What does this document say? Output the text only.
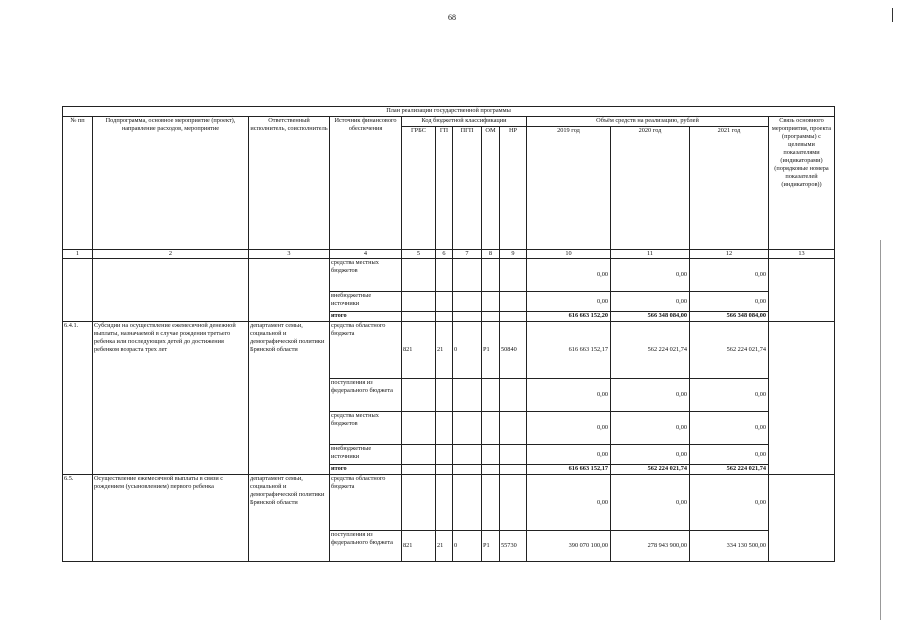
68
План реализации государственной программы												
№ пп	Подпрограмма, основное мероприятие (проект), направление расходов, мероприятие	Ответственный исполнитель, соисполнитель	Источник финансового обеспечения	Код бюджетной классификации					Объём средств на реализацию, рублей			Связь основного мероприятия, проекта (программы) с целевыми показателями (индикаторами) (порядковые номера показателей (индикаторов))
				ГРБС	ГП	ПГП	ОМ	НР	2019 год	2020 год	2021 год	
1	2	3	4	5	6	7	8	9	10	11	12	13
			средства местных бюджетов						0,00	0,00	0,00	
			внебюджетные источники						0,00	0,00	0,00	
			итого						616 663 152,20	566 348 084,00	566 348 084,00	
6.4.1.	Субсидии на осуществление ежемесячной денежной выплаты, назначаемой в случае рождения третьего ребенка или последующих детей до достижения ребенком возраста трех лет	департамент семьи, социальной и демографической политики Брянской области	средства областного бюджета	821	21	0	Р1	50840	616 663 152,17	562 224 021,74	562 224 021,74	
			поступления из федерального бюджета						0,00	0,00	0,00	
			средства местных бюджетов						0,00	0,00	0,00	
			внебюджетные источники						0,00	0,00	0,00	
			итого						616 663 152,17	562 224 021,74	562 224 021,74	
6.5.	Осуществление ежемесячной выплаты в связи с рождением (усыновлением) первого ребенка	департамент семьи, социальной и демографической политики Брянской области	средства областного бюджета						0,00	0,00	0,00	
			поступления из федерального бюджета	821	21	0	Р1	55730	390 070 100,00	278 943 900,00	334 130 500,00	
